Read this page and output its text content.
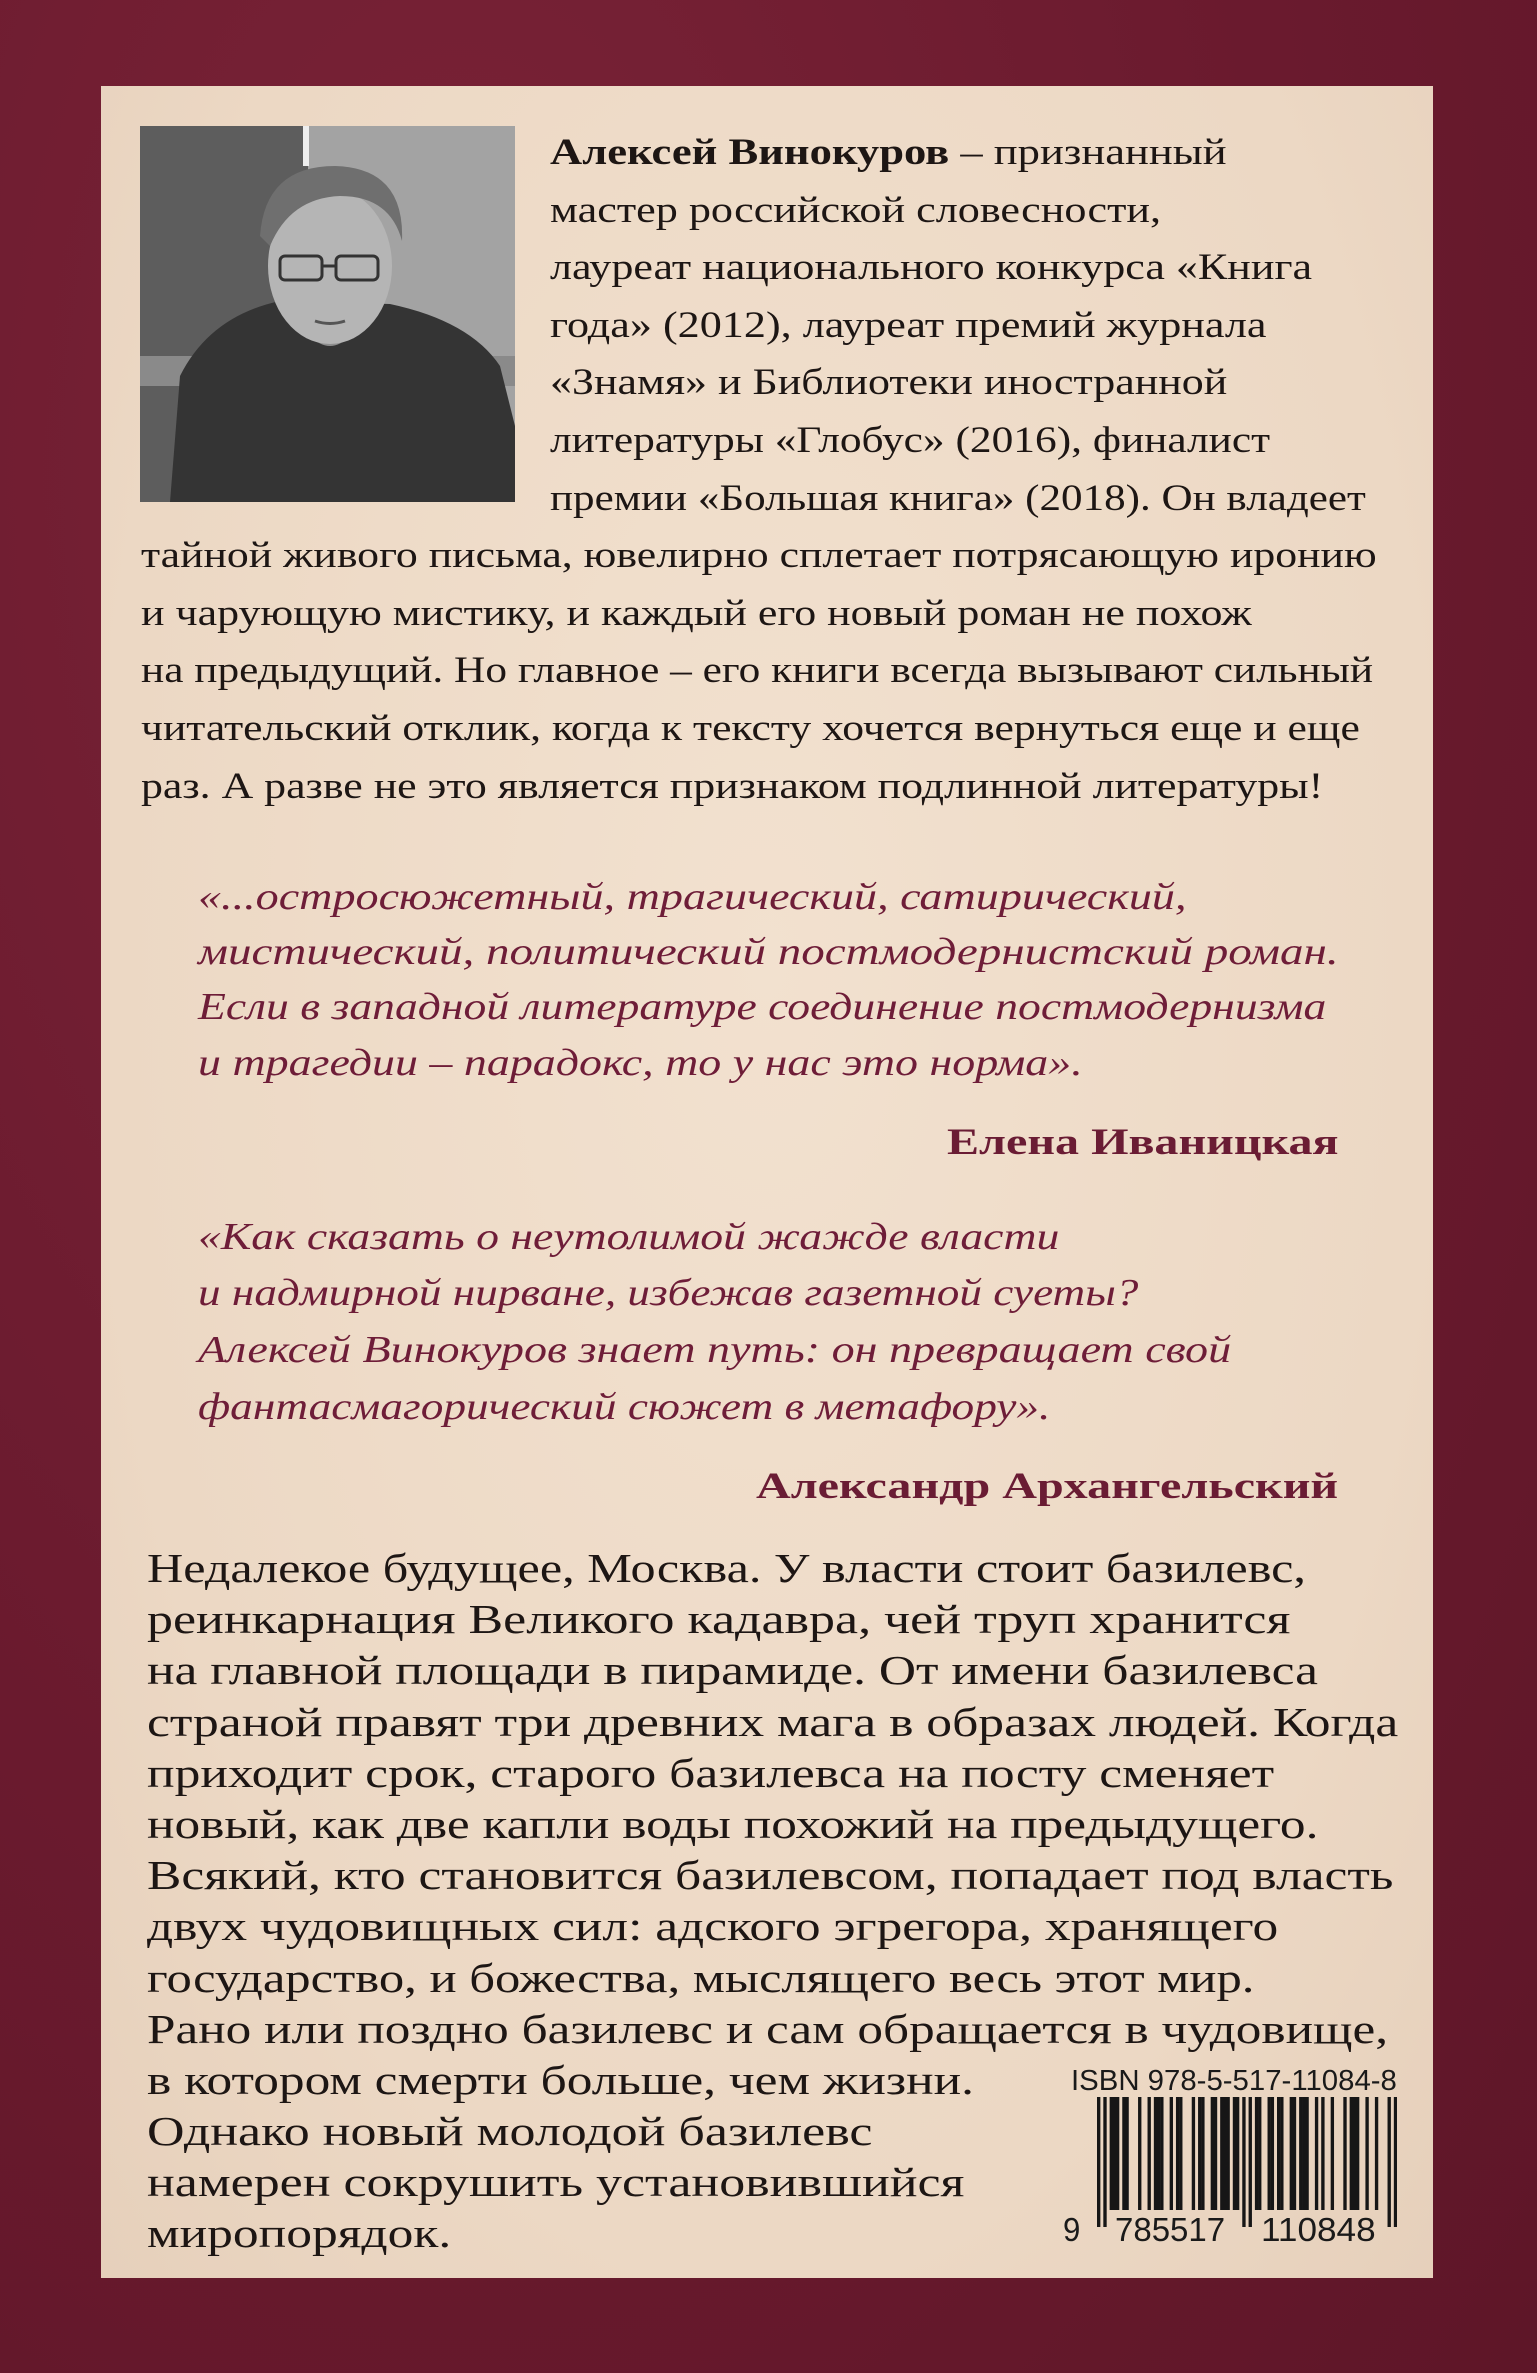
Алексей Винокуров – признанный
мастер российской словесности,
лауреат национального конкурса «Книга
года» (2012), лауреат премий журнала
«Знамя» и Библиотеки иностранной
литературы «Глобус» (2016), финалист
премии «Большая книга» (2018). Он владеет
тайной живого письма, ювелирно сплетает потрясающую иронию
и чарующую мистику, и каждый его новый роман не похож
на предыдущий. Но главное – его книги всегда вызывают сильный
читательский отклик, когда к тексту хочется вернуться еще и еще
раз. А разве не это является признаком подлинной литературы!
«...остросюжетный, трагический, сатирический,
мистический, политический постмодернистский роман.
Если в западной литературе соединение постмодернизма
и трагедии – парадокс, то у нас это норма».
Елена Иваницкая
«Как сказать о неутолимой жажде власти
и надмирной нирване, избежав газетной суеты?
Алексей Винокуров знает путь: он превращает свой
фантасмагорический сюжет в метафору».
Александр Архангельский
Недалекое будущее, Москва. У власти стоит базилевс,
реинкарнация Великого кадавра, чей труп хранится
на главной площади в пирамиде. От имени базилевса
страной правят три древних мага в образах людей. Когда
приходит срок, старого базилевса на посту сменяет
новый, как две капли воды похожий на предыдущего.
Всякий, кто становится базилевсом, попадает под власть
двух чудовищных сил: адского эгрегора, хранящего
государство, и божества, мыслящего весь этот мир.
Рано или поздно базилевс и сам обращается в чудовище,
в котором смерти больше, чем жизни.
Однако новый молодой базилевс
намерен сокрушить установившийся
миропорядок.
ISBN 978-5-517-11084-8
9 785517 110848
